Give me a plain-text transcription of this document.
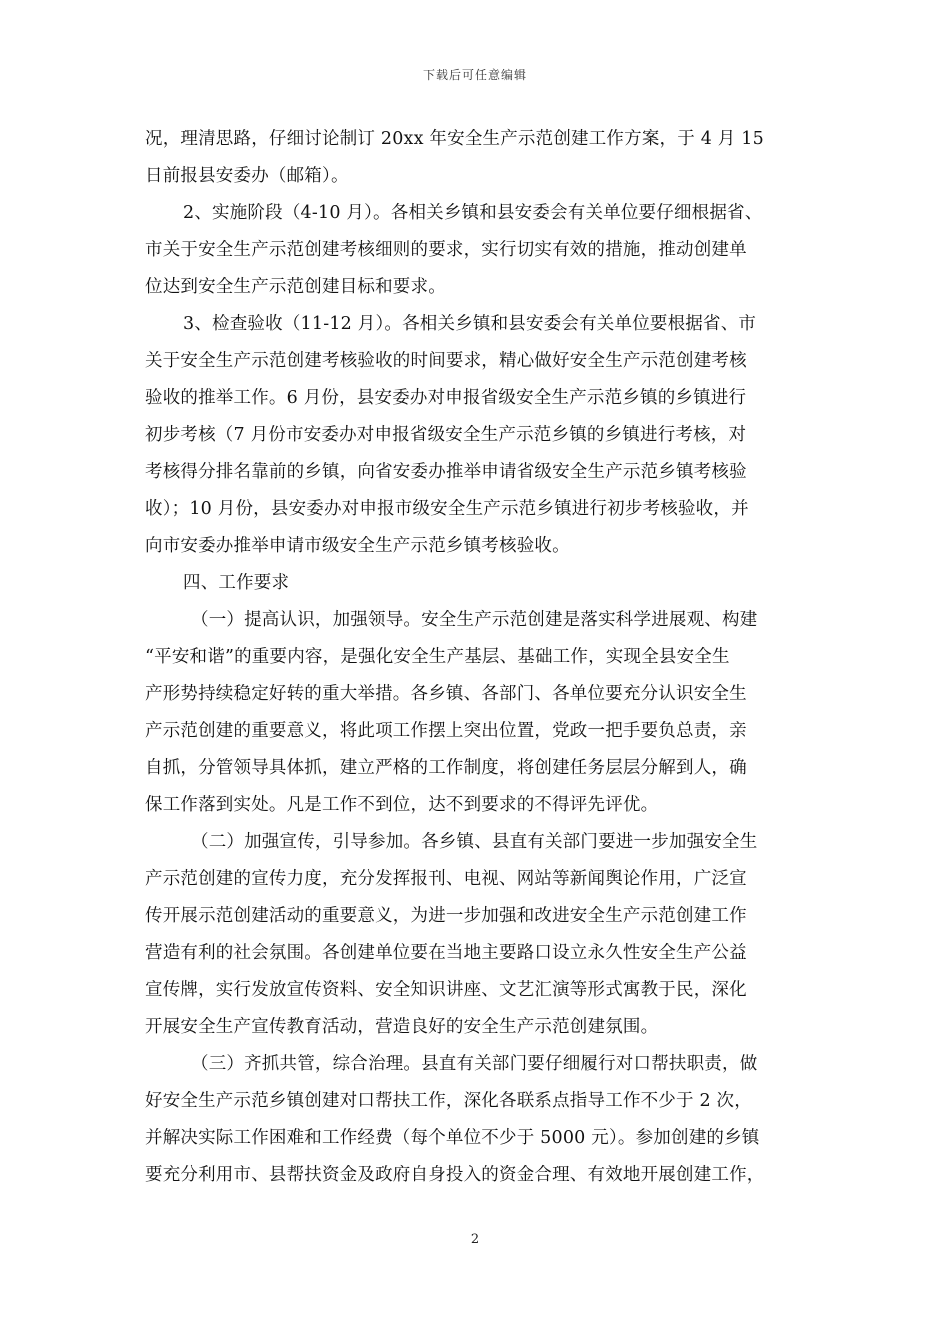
下载后可任意编辑
况，理清思路，仔细讨论制订 20xx 年安全生产示范创建工作方案，于 4 月 15
日前报县安委办（邮箱）。
2、实施阶段（4-10 月）。各相关乡镇和县安委会有关单位要仔细根据省、
市关于安全生产示范创建考核细则的要求，实行切实有效的措施，推动创建单
位达到安全生产示范创建目标和要求。
3、检查验收（11-12 月）。各相关乡镇和县安委会有关单位要根据省、市
关于安全生产示范创建考核验收的时间要求，精心做好安全生产示范创建考核
验收的推举工作。6 月份，县安委办对申报省级安全生产示范乡镇的乡镇进行
初步考核（7 月份市安委办对申报省级安全生产示范乡镇的乡镇进行考核，对
考核得分排名靠前的乡镇，向省安委办推举申请省级安全生产示范乡镇考核验
收）；10 月份，县安委办对申报市级安全生产示范乡镇进行初步考核验收，并
向市安委办推举申请市级安全生产示范乡镇考核验收。
四、工作要求
（一）提高认识，加强领导。安全生产示范创建是落实科学进展观、构建
“平安和谐”的重要内容，是强化安全生产基层、基础工作，实现全县安全生
产形势持续稳定好转的重大举措。各乡镇、各部门、各单位要充分认识安全生
产示范创建的重要意义，将此项工作摆上突出位置，党政一把手要负总责，亲
自抓，分管领导具体抓，建立严格的工作制度，将创建任务层层分解到人，确
保工作落到实处。凡是工作不到位，达不到要求的不得评先评优。
（二）加强宣传，引导参加。各乡镇、县直有关部门要进一步加强安全生
产示范创建的宣传力度，充分发挥报刊、电视、网站等新闻舆论作用，广泛宣
传开展示范创建活动的重要意义，为进一步加强和改进安全生产示范创建工作
营造有利的社会氛围。各创建单位要在当地主要路口设立永久性安全生产公益
宣传牌，实行发放宣传资料、安全知识讲座、文艺汇演等形式寓教于民，深化
开展安全生产宣传教育活动，营造良好的安全生产示范创建氛围。
（三）齐抓共管，综合治理。县直有关部门要仔细履行对口帮扶职责，做
好安全生产示范乡镇创建对口帮扶工作，深化各联系点指导工作不少于 2 次，
并解决实际工作困难和工作经费（每个单位不少于 5000 元）。参加创建的乡镇
要充分利用市、县帮扶资金及政府自身投入的资金合理、有效地开展创建工作，
2
